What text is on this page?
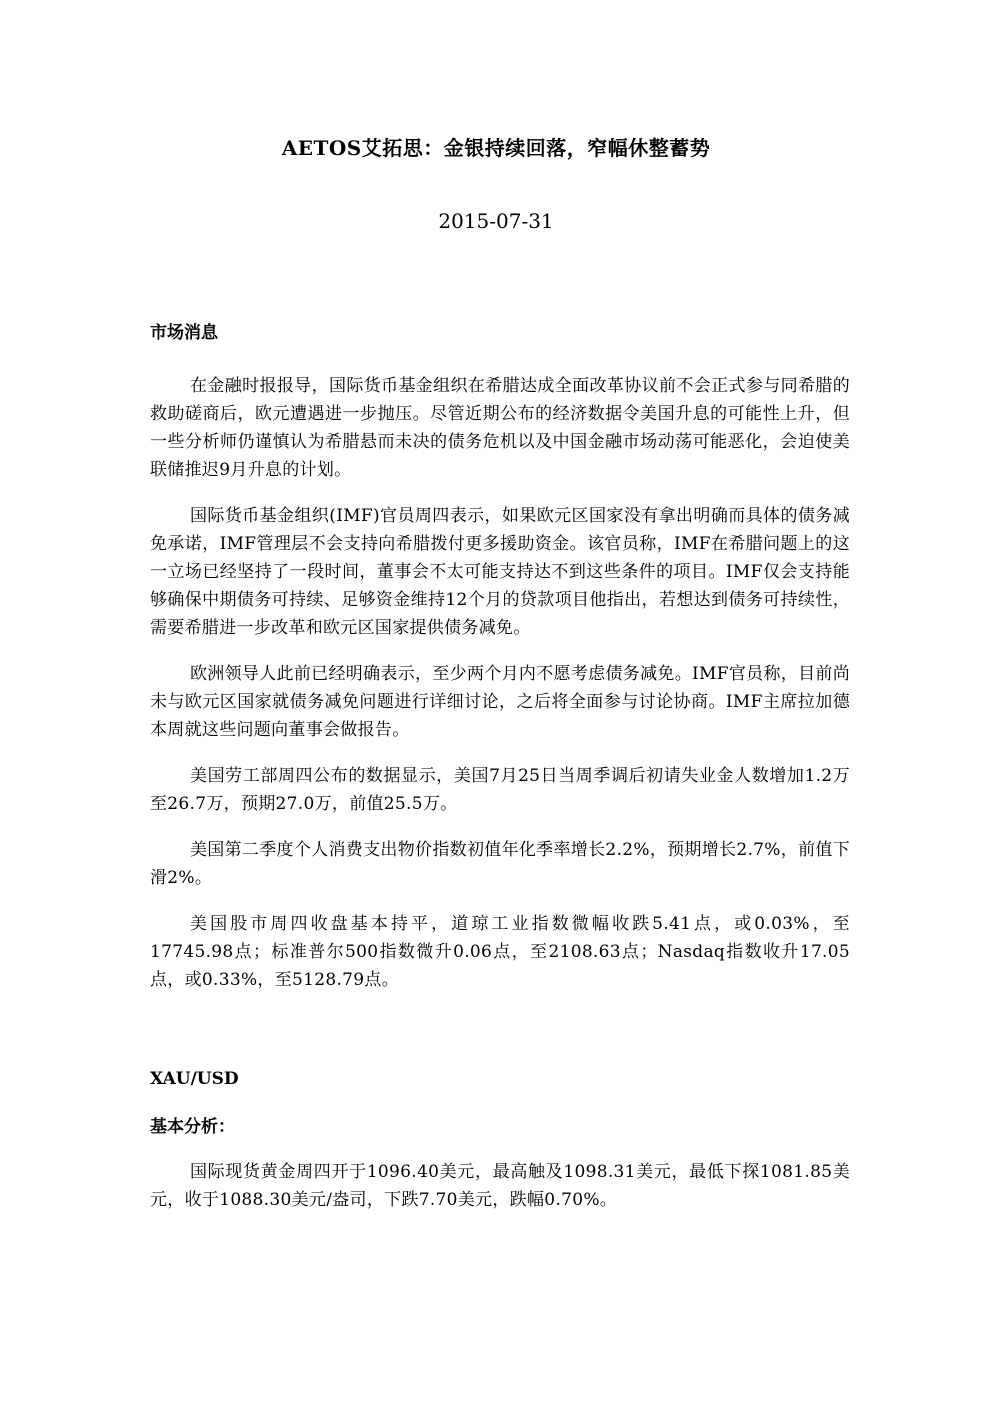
AETOS艾拓思：金银持续回落，窄幅休整蓄势
2015-07-31
市场消息

在金融时报报导，国际货币基金组织在希腊达成全面改革协议前不会正式参与同希腊的救助磋商后，欧元遭遇进一步抛压。尽管近期公布的经济数据令美国升息的可能性上升，但一些分析师仍谨慎认为希腊悬而未决的债务危机以及中国金融市场动荡可能恶化，会迫使美联储推迟9月升息的计划。

国际货币基金组织(IMF)官员周四表示，如果欧元区国家没有拿出明确而具体的债务减免承诺，IMF管理层不会支持向希腊拨付更多援助资金。该官员称，IMF在希腊问题上的这一立场已经坚持了一段时间，董事会不太可能支持达不到这些条件的项目。IMF仅会支持能够确保中期债务可持续、足够资金维持12个月的贷款项目他指出，若想达到债务可持续性，需要希腊进一步改革和欧元区国家提供债务减免。

欧洲领导人此前已经明确表示，至少两个月内不愿考虑债务减免。IMF官员称，目前尚未与欧元区国家就债务减免问题进行详细讨论，之后将全面参与讨论协商。IMF主席拉加德本周就这些问题向董事会做报告。

美国劳工部周四公布的数据显示，美国7月25日当周季调后初请失业金人数增加1.2万至26.7万，预期27.0万，前值25.5万。

美国第二季度个人消费支出物价指数初值年化季率增长2.2%，预期增长2.7%，前值下滑2%。

美国股市周四收盘基本持平，道琼工业指数微幅收跌5.41点，或0.03%，至17745.98点；标准普尔500指数微升0.06点，至2108.63点；Nasdaq指数收升17.05点，或0.33%，至5128.79点。

XAU/USD
基本分析：

国际现货黄金周四开于1096.40美元，最高触及1098.31美元，最低下探1081.85美元，收于1088.30美元/盎司，下跌7.70美元，跌幅0.70%。
